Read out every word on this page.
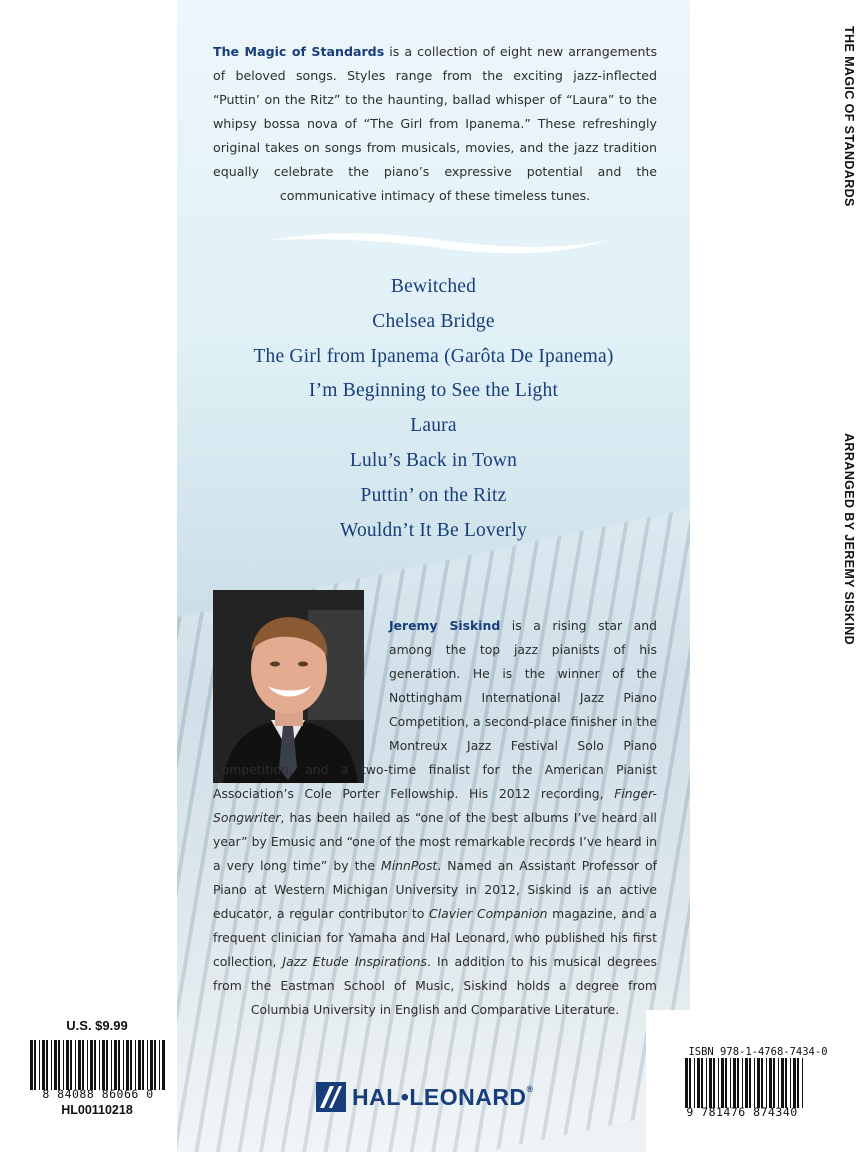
The Magic of Standards is a collection of eight new arrangements of beloved songs. Styles range from the exciting jazz-inflected “Puttin’ on the Ritz” to the haunting, ballad whisper of “Laura” to the whipsy bossa nova of “The Girl from Ipanema.” These refreshingly original takes on songs from musicals, movies, and the jazz tradition equally celebrate the piano’s expressive potential and the communicative intimacy of these timeless tunes.
Bewitched
Chelsea Bridge
The Girl from Ipanema (Garôta De Ipanema)
I’m Beginning to See the Light
Laura
Lulu’s Back in Town
Puttin’ on the Ritz
Wouldn’t It Be Loverly

Jeremy Siskind is a rising star and among the top jazz pianists of his generation. He is the winner of the Nottingham International Jazz Piano Competition, a second-place finisher in the Montreux Jazz Festival Solo Piano Competition, and a two-time finalist for the American Pianist Association’s Cole Porter Fellowship. His 2012 recording, Finger-Songwriter, has been hailed as “one of the best albums I’ve heard all year” by Emusic and “one of the most remarkable records I’ve heard in a very long time” by the MinnPost. Named an Assistant Professor of Piano at Western Michigan University in 2012, Siskind is an active educator, a regular contributor to Clavier Companion magazine, and a frequent clinician for Yamaha and Hal Leonard, who published his first collection, Jazz Etude Inspirations. In addition to his musical degrees from the Eastman School of Music, Siskind holds a degree from Columbia University in English and Comparative Literature.

THE MAGIC OF STANDARDS
ARRANGED BY JEREMY SISKIND
U.S. $9.99
8 84088 86066 0
HL00110218
ISBN 978-1-4768-7434-0
9 781476 874340
HAL•LEONARD®
